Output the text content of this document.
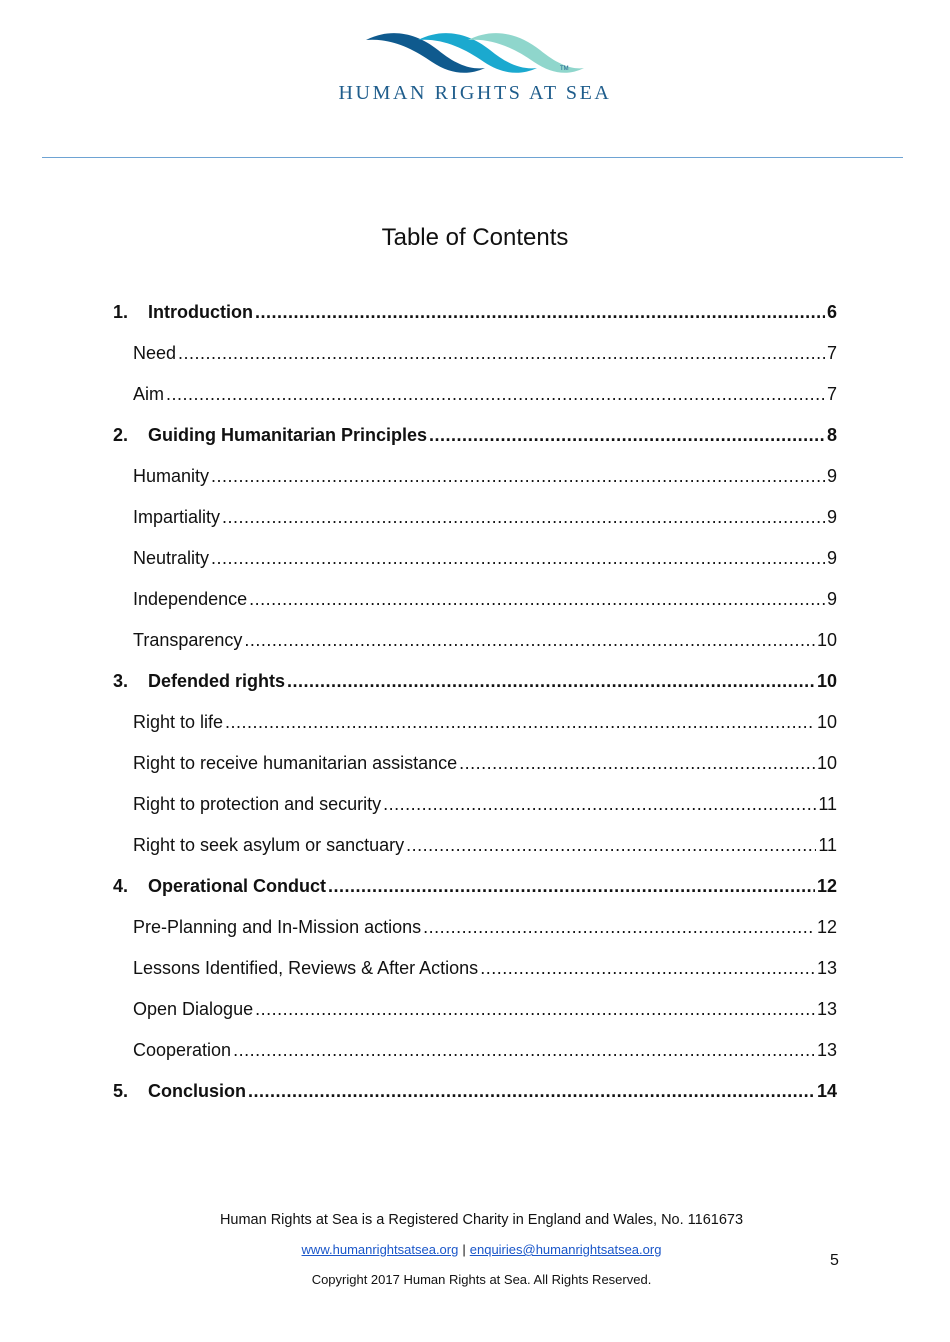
TM
HUMAN RIGHTS AT SEA
Table of Contents
1.	Introduction .....	6
Need .....	7
Aim .....	7
2.	Guiding Humanitarian Principles .....	8
Humanity .....	9
Impartiality .....	9
Neutrality .....	9
Independence .....	9
Transparency .....	10
3.	Defended rights .....	10
Right to life .....	10
Right to receive humanitarian assistance .....	10
Right to protection and security .....	11
Right to seek asylum or sanctuary .....	11
4.	Operational Conduct .....	12
Pre-Planning and In-Mission actions .....	12
Lessons Identified, Reviews & After Actions .....	13
Open Dialogue .....	13
Cooperation .....	13
5.	Conclusion .....	14
Human Rights at Sea is a Registered Charity in England and Wales, No. 1161673
www.humanrightsatsea.org | enquiries@humanrightsatsea.org
Copyright 2017 Human Rights at Sea. All Rights Reserved.
5
